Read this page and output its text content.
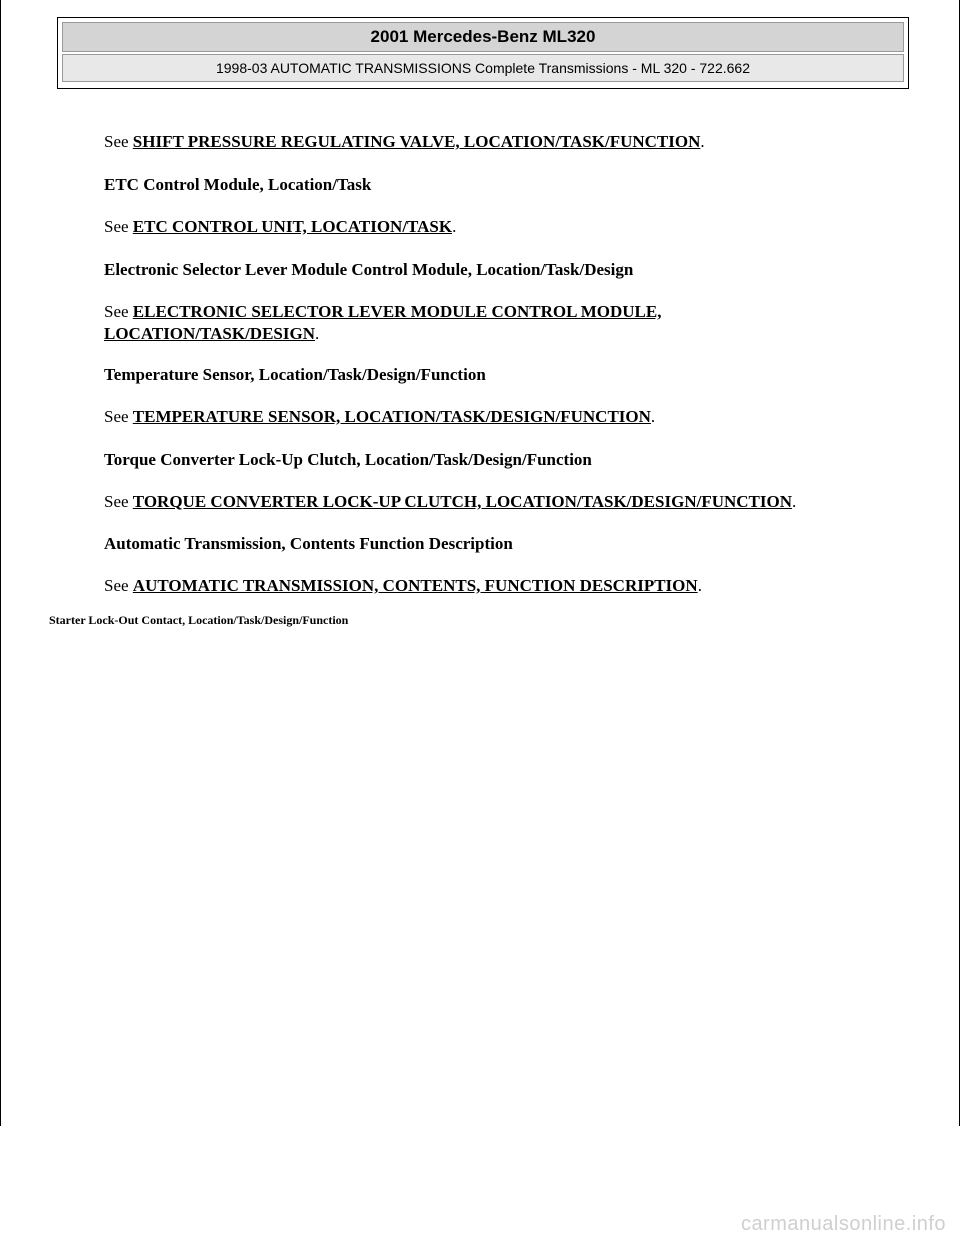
2001 Mercedes-Benz ML320
1998-03 AUTOMATIC TRANSMISSIONS Complete Transmissions - ML 320 - 722.662
See SHIFT PRESSURE REGULATING VALVE, LOCATION/TASK/FUNCTION.
ETC Control Module, Location/Task
See ETC CONTROL UNIT, LOCATION/TASK.
Electronic Selector Lever Module Control Module, Location/Task/Design
See ELECTRONIC SELECTOR LEVER MODULE CONTROL MODULE,
LOCATION/TASK/DESIGN.
Temperature Sensor, Location/Task/Design/Function
See TEMPERATURE SENSOR, LOCATION/TASK/DESIGN/FUNCTION.
Torque Converter Lock-Up Clutch, Location/Task/Design/Function
See TORQUE CONVERTER LOCK-UP CLUTCH, LOCATION/TASK/DESIGN/FUNCTION.
Automatic Transmission, Contents Function Description
See AUTOMATIC TRANSMISSION, CONTENTS, FUNCTION DESCRIPTION.
Starter Lock-Out Contact, Location/Task/Design/Function
carmanualsonline.info
